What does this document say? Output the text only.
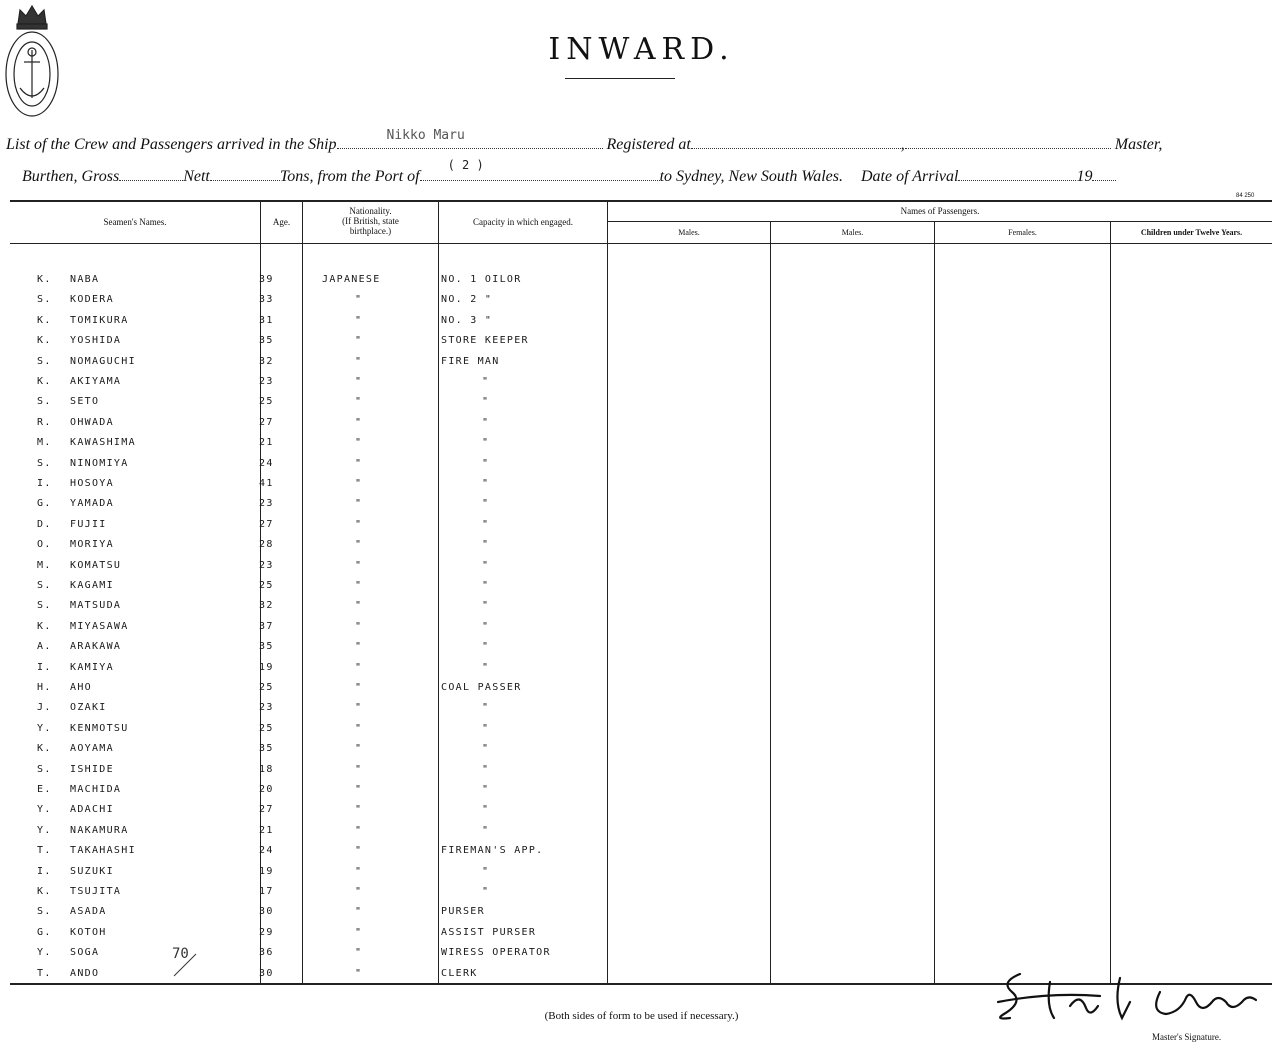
INWARD.
List of the Crew and Passengers arrived in the Ship
Nikko Maru
Registered at	,	Master,
Burthen, Gross	Nett	Tons, from the Port of
( 2 )
to Sydney, New South Wales. Date of Arrival	19
84 250
Seamen's Names.	Age.
Nationality.
(If British, state
birthplace.)
Capacity in which engaged.
Names of Passengers.
Males.	Males.	Females.	Children under Twelve Years.
K. NABA	39	JAPANESE	NO. 1 OILOR
S. KODERA	33	"	NO. 2 "
K. TOMIKURA	31	"	NO. 3 "
K. YOSHIDA	35	"	STORE KEEPER
S. NOMAGUCHI	32	"	FIRE MAN
K. AKIYAMA	23	"	"
S. SETO	25	"	"
R. OHWADA	27	"	"
M. KAWASHIMA	21	"	"
S. NINOMIYA	24	"	"
I. HOSOYA	41	"	"
G. YAMADA	23	"	"
D. FUJII	27	"	"
O. MORIYA	28	"	"
M. KOMATSU	23	"	"
S. KAGAMI	25	"	"
S. MATSUDA	32	"	"
K. MIYASAWA	37	"	"
A. ARAKAWA	35	"	"
I. KAMIYA	19	"	"
H. AHO	25	"	COAL PASSER
J. OZAKI	23	"	"
Y. KENMOTSU	25	"	"
K. AOYAMA	35	"	"
S. ISHIDE	18	"	"
E. MACHIDA	20	"	"
Y. ADACHI	27	"	"
Y. NAKAMURA	21	"	"
T. TAKAHASHI	24	"	FIREMAN'S APP.
I. SUZUKI	19	"	"
K. TSUJITA	17	"	"
S. ASADA	30	"	PURSER
G. KOTOH	29	"	ASSIST PURSER
Y. SOGA	36	"	WIRESS OPERATOR
T. ANDO	30	"	CLERK
70
(Both sides of form to be used if necessary.)
Master's Signature.
